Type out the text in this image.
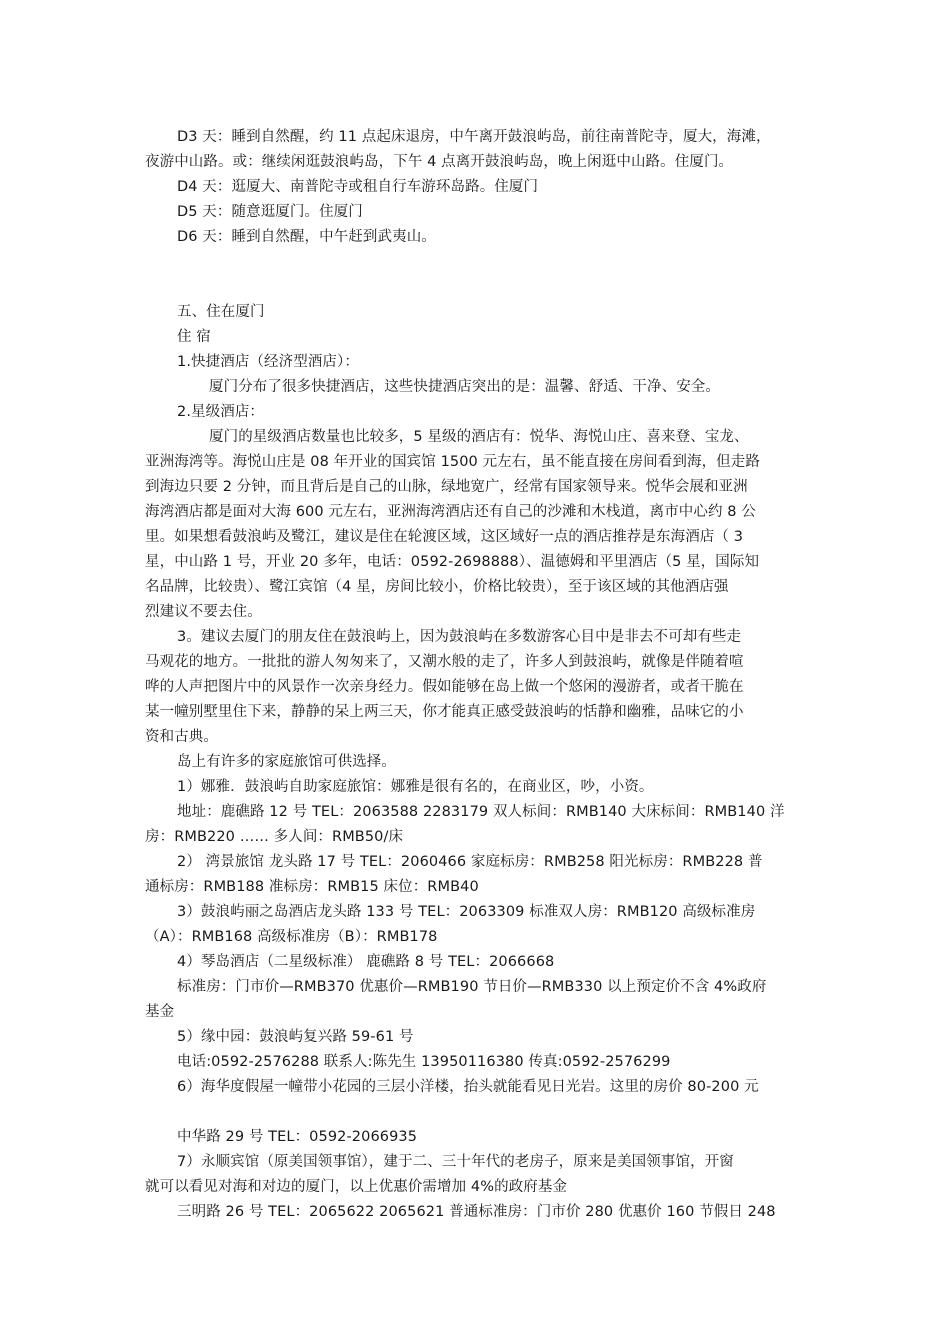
D3 天：睡到自然醒，约 11 点起床退房，中午离开鼓浪屿岛，前往南普陀寺，厦大，海滩，
夜游中山路。或：继续闲逛鼓浪屿岛，下午 4 点离开鼓浪屿岛，晚上闲逛中山路。住厦门。
D4 天：逛厦大、南普陀寺或租自行车游环岛路。住厦门
D5 天：随意逛厦门。住厦门
D6 天：睡到自然醒，中午赶到武夷山。
五、住在厦门
住 宿
1.快捷酒店（经济型酒店）：
厦门分布了很多快捷酒店，这些快捷酒店突出的是：温馨、舒适、干净、安全。
2.星级酒店：
厦门的星级酒店数量也比较多，5 星级的酒店有：悦华、海悦山庄、喜来登、宝龙、
亚洲海湾等。海悦山庄是 08 年开业的国宾馆 1500 元左右，虽不能直接在房间看到海，但走路
到海边只要 2 分钟，而且背后是自己的山脉，绿地宽广，经常有国家领导来。悦华会展和亚洲
海湾酒店都是面对大海 600 元左右，亚洲海湾酒店还有自己的沙滩和木栈道，离市中心约 8 公
里。如果想看鼓浪屿及鹭江，建议是住在轮渡区域，这区域好一点的酒店推荐是东海酒店（ 3
星，中山路 1 号，开业 20 多年，电话：0592-2698888）、温德姆和平里酒店（5 星，国际知
名品牌，比较贵）、鹭江宾馆（4 星，房间比较小，价格比较贵），至于该区域的其他酒店强
烈建议不要去住。
3。建议去厦门的朋友住在鼓浪屿上，因为鼓浪屿在多数游客心目中是非去不可却有些走
马观花的地方。一批批的游人匆匆来了，又潮水般的走了，许多人到鼓浪屿，就像是伴随着喧
哗的人声把图片中的风景作一次亲身经力。假如能够在岛上做一个悠闲的漫游者，或者干脆在
某一幢别墅里住下来，静静的呆上两三天，你才能真正感受鼓浪屿的恬静和幽雅，品味它的小
资和古典。
岛上有许多的家庭旅馆可供选择。
1）娜雅．鼓浪屿自助家庭旅馆：娜雅是很有名的，在商业区，吵，小资。
地址：鹿礁路 12 号 TEL：2063588 2283179 双人标间：RMB140 大床标间：RMB140 洋
房：RMB220 …… 多人间：RMB50/床
2） 湾景旅馆 龙头路 17 号 TEL：2060466 家庭标房：RMB258 阳光标房：RMB228 普
通标房：RMB188 准标房：RMB15 床位：RMB40
3）鼓浪屿丽之岛酒店龙头路 133 号 TEL：2063309 标准双人房：RMB120 高级标准房
（A）：RMB168 高级标准房（B）：RMB178
4）琴岛酒店（二星级标准） 鹿礁路 8 号 TEL：2066668
标准房：门市价—RMB370 优惠价—RMB190 节日价—RMB330 以上预定价不含 4%政府
基金
5）缘中园：鼓浪屿复兴路 59-61 号
电话:0592-2576288 联系人:陈先生 13950116380 传真:0592-2576299
6）海华度假屋一幢带小花园的三层小洋楼，抬头就能看见日光岩。这里的房价 80-200 元
中华路 29 号 TEL：0592-2066935
7）永顺宾馆（原美国领事馆），建于二、三十年代的老房子，原来是美国领事馆，开窗
就可以看见对海和对边的厦门，以上优惠价需增加 4%的政府基金
三明路 26 号 TEL：2065622 2065621 普通标准房：门市价 280 优惠价 160 节假日 248
